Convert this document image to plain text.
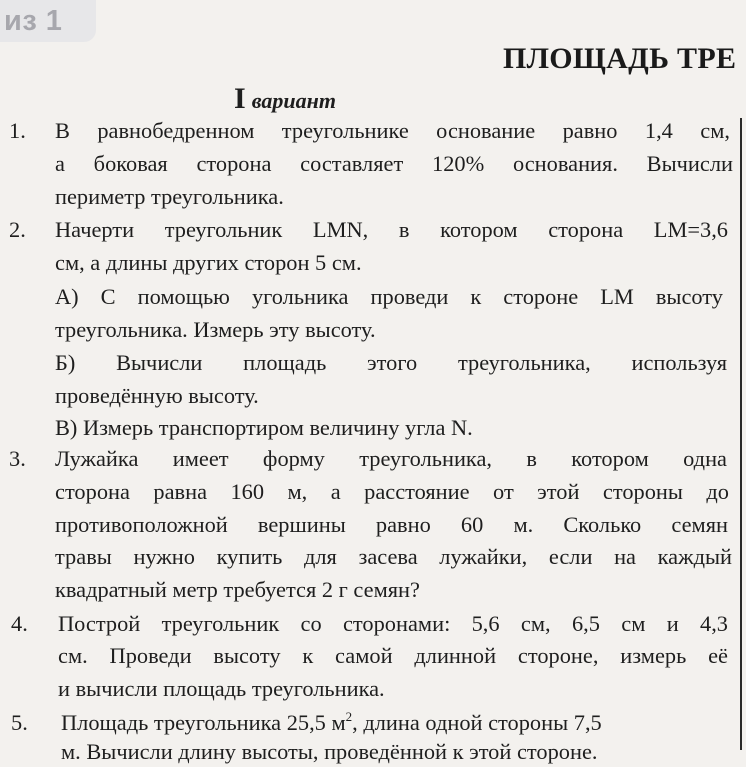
из 1
ПЛОЩАДЬ ТРЕ
I вариант
1. В равнобедренном треугольнике основание равно 1,4 см,
а боковая сторона составляет 120% основания. Вычисли
периметр треугольника.
2. Начерти треугольник LMN, в котором сторона LM=3,6
см, а длины других сторон 5 см.
А) С помощью угольника проведи к стороне LM высоту
треугольника. Измерь эту высоту.
Б) Вычисли площадь этого треугольника, используя
проведённую высоту.
В) Измерь транспортиром величину угла N.
3. Лужайка имеет форму треугольника, в котором одна
сторона равна 160 м, а расстояние от этой стороны до
противоположной вершины равно 60 м. Сколько семян
травы нужно купить для засева лужайки, если на каждый
квадратный метр требуется 2 г семян?
4. Построй треугольник со сторонами: 5,6 см, 6,5 см и 4,3
см. Проведи высоту к самой длинной стороне, измерь её
и вычисли площадь треугольника.
5. Площадь треугольника 25,5 $м^2$, длина одной стороны 7,5
м. Вычисли длину высоты, проведённой к этой стороне.
